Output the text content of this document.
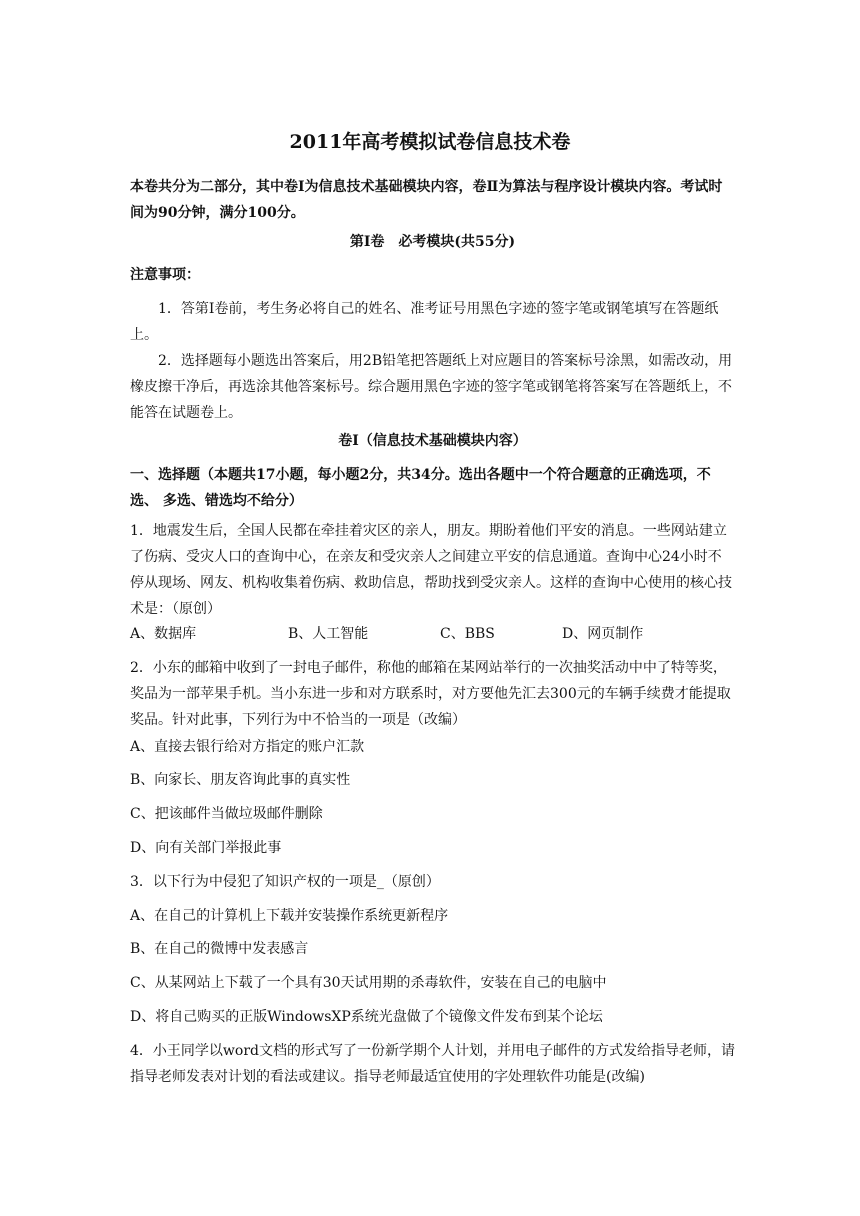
2011年高考模拟试卷信息技术卷

本卷共分为二部分，其中卷Ⅰ为信息技术基础模块内容，卷Ⅱ为算法与程序设计模块内容。考试时间为90分钟，满分100分。

第Ⅰ卷　必考模块(共55分)

注意事项：

1．答第Ⅰ卷前，考生务必将自己的姓名、准考证号用黑色字迹的签字笔或钢笔填写在答题纸上。

2．选择题每小题选出答案后，用2B铅笔把答题纸上对应题目的答案标号涂黑，如需改动，用橡皮擦干净后，再选涂其他答案标号。综合题用黑色字迹的签字笔或钢笔将答案写在答题纸上，不能答在试题卷上。

卷Ⅰ（信息技术基础模块内容）

一、选择题（本题共17小题，每小题2分，共34分。选出各题中一个符合题意的正确选项，不选、 多选、错选均不给分）

1．地震发生后，全国人民都在牵挂着灾区的亲人，朋友。期盼着他们平安的消息。一些网站建立了伤病、受灾人口的查询中心，在亲友和受灾亲人之间建立平安的信息通道。查询中心24小时不停从现场、网友、机构收集着伤病、救助信息，帮助找到受灾亲人。这样的查询中心使用的核心技术是：（原创）

A、数据库	B、人工智能	C、BBS	D、网页制作

2．小东的邮箱中收到了一封电子邮件，称他的邮箱在某网站举行的一次抽奖活动中中了特等奖，奖品为一部苹果手机。当小东进一步和对方联系时，对方要他先汇去300元的车辆手续费才能提取奖品。针对此事，下列行为中不恰当的一项是（改编）

A、直接去银行给对方指定的账户汇款

B、向家长、朋友咨询此事的真实性

C、把该邮件当做垃圾邮件删除

D、向有关部门举报此事

3．以下行为中侵犯了知识产权的一项是_（原创）

A、在自己的计算机上下载并安装操作系统更新程序

B、在自己的微博中发表感言

C、从某网站上下载了一个具有30天试用期的杀毒软件，安装在自己的电脑中

D、将自己购买的正版WindowsXP系统光盘做了个镜像文件发布到某个论坛

4．小王同学以word文档的形式写了一份新学期个人计划，并用电子邮件的方式发给指导老师，请指导老师发表对计划的看法或建议。指导老师最适宜使用的字处理软件功能是(改编)
